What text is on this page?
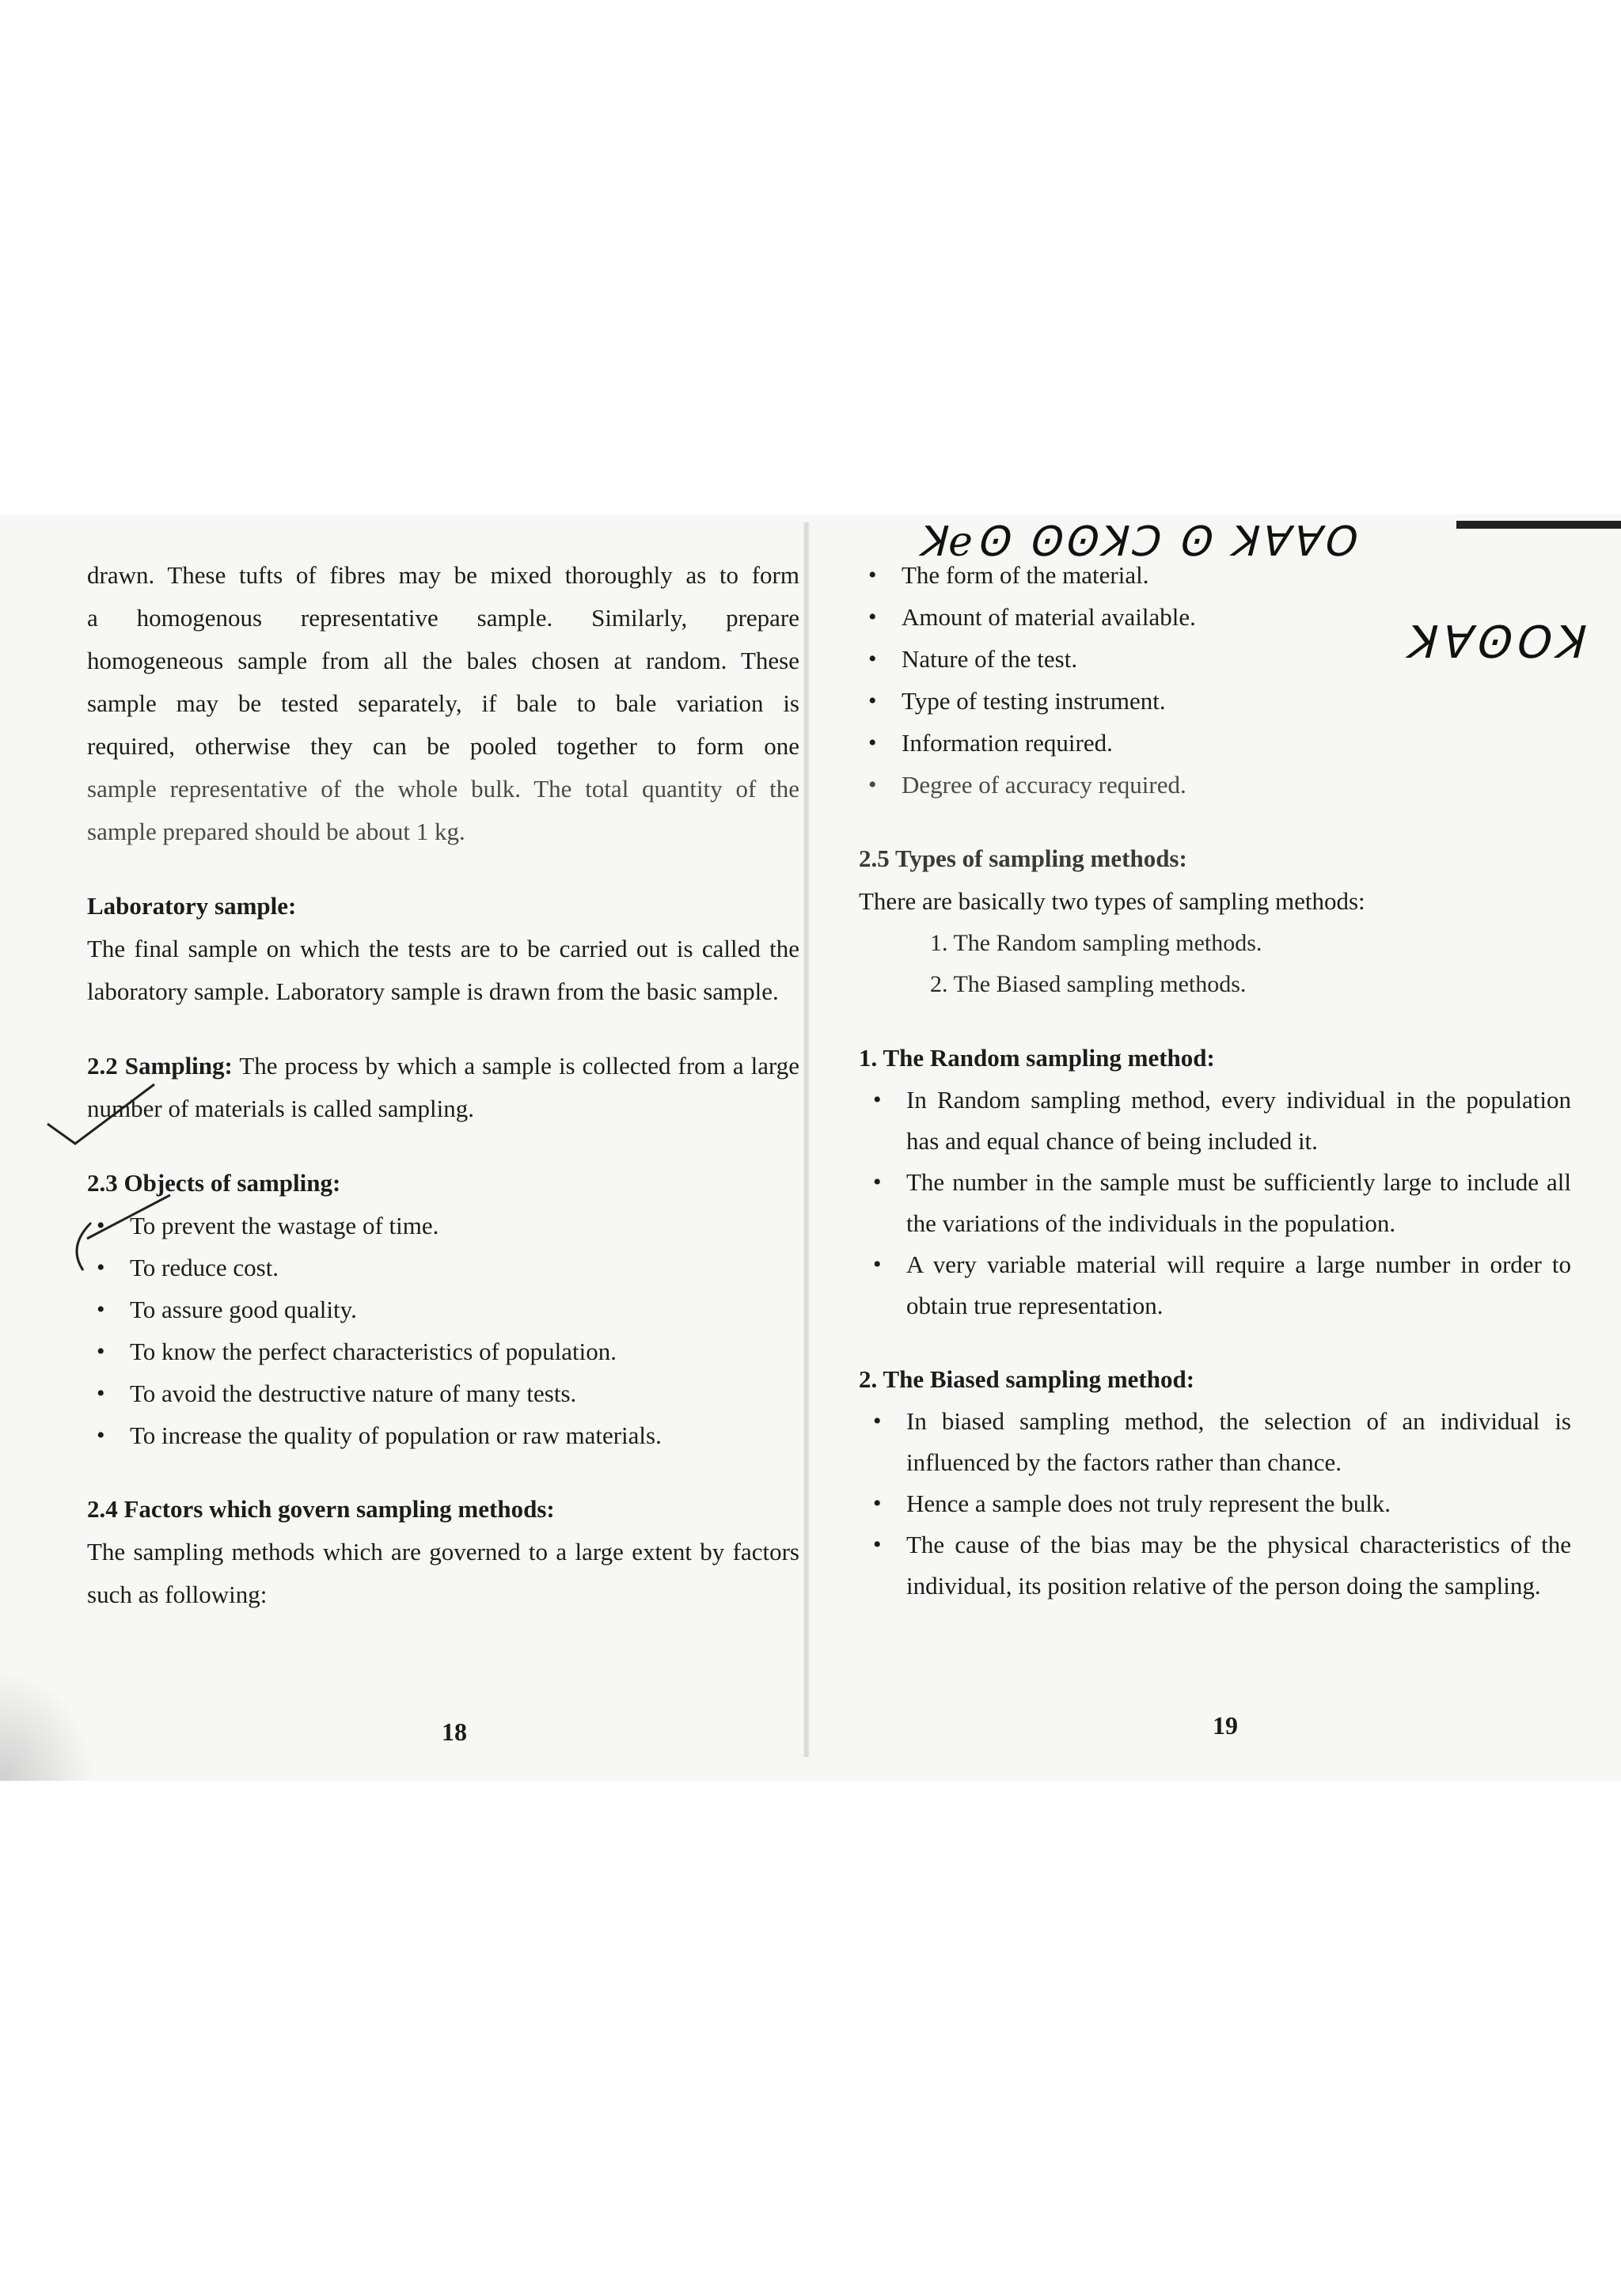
drawn. These tufts of fibres may be mixed thoroughly as to form

a homogenous representative sample. Similarly, prepare

homogeneous sample from all the bales chosen at random. These

sample may be tested separately, if bale to bale variation is

required, otherwise they can be pooled together to form one

sample representative of the whole bulk. The total quantity of the

sample prepared should be about 1 kg.

Laboratory sample:

The final sample on which the tests are to be carried out is called the laboratory sample. Laboratory sample is drawn from the basic sample.

2.2 Sampling: The process by which a sample is collected from a large number of materials is called sampling.

2.3 Objects of sampling:

• To prevent the wastage of time.
• To reduce cost.
• To assure good quality.
• To know the perfect characteristics of population.
• To avoid the destructive nature of many tests.
• To increase the quality of population or raw materials.

2.4 Factors which govern sampling methods:

The sampling methods which are governed to a large extent by factors such as following:

18
ꓘeꙨ ꙨꙨꓘꓛ Ꙩ ꓘꓯꓯꓳ
ꓘꓯꙨꓳꓘ
• The form of the material.
• Amount of material available.
• Nature of the test.
• Type of testing instrument.
• Information required.
• Degree of accuracy required.

2.5 Types of sampling methods:

There are basically two types of sampling methods:

1. The Random sampling methods.
2. The Biased sampling methods.

1. The Random sampling method:

• In Random sampling method, every individual in the population has and equal chance of being included it.
• The number in the sample must be sufficiently large to include all the variations of the individuals in the population.
• A very variable material will require a large number in order to obtain true representation.

2. The Biased sampling method:

• In biased sampling method, the selection of an individual is influenced by the factors rather than chance.
• Hence a sample does not truly represent the bulk.
• The cause of the bias may be the physical characteristics of the individual, its position relative of the person doing the sampling.
19
